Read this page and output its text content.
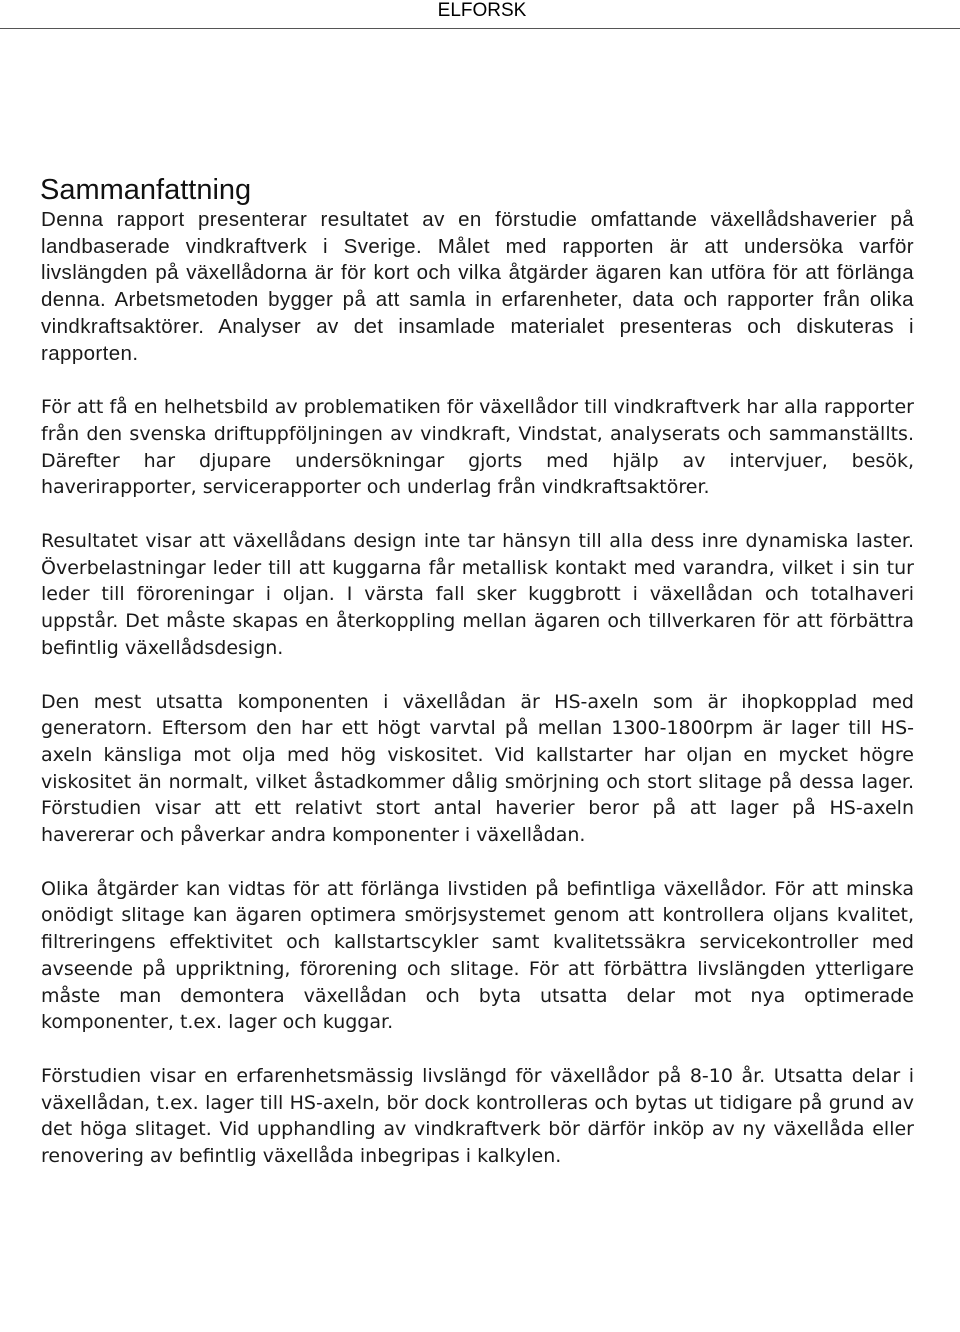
ELFORSK
Sammanfattning

Denna rapport presenterar resultatet av en förstudie omfattande växellådshaverier på landbaserade vindkraftverk i Sverige. Målet med rapporten är att undersöka varför livslängden på växellådorna är för kort och vilka åtgärder ägaren kan utföra för att förlänga denna. Arbetsmetoden bygger på att samla in erfarenheter, data och rapporter från olika vindkraftsaktörer. Analyser av det insamlade materialet presenteras och diskuteras i rapporten.

För att få en helhetsbild av problematiken för växellådor till vindkraftverk har alla rapporter från den svenska driftuppföljningen av vindkraft, Vindstat, analyserats och sammanställts. Därefter har djupare undersökningar gjorts med hjälp av intervjuer, besök, haverirapporter, servicerapporter och underlag från vindkraftsaktörer.

Resultatet visar att växellådans design inte tar hänsyn till alla dess inre dynamiska laster. Överbelastningar leder till att kuggarna får metallisk kontakt med varandra, vilket i sin tur leder till föroreningar i oljan. I värsta fall sker kuggbrott i växellådan och totalhaveri uppstår. Det måste skapas en återkoppling mellan ägaren och tillverkaren för att förbättra befintlig växellådsdesign.

Den mest utsatta komponenten i växellådan är HS-axeln som är ihopkopplad med generatorn. Eftersom den har ett högt varvtal på mellan 1300-1800rpm är lager till HS-axeln känsliga mot olja med hög viskositet. Vid kallstarter har oljan en mycket högre viskositet än normalt, vilket åstadkommer dålig smörjning och stort slitage på dessa lager. Förstudien visar att ett relativt stort antal haverier beror på att lager på HS-axeln havererar och påverkar andra komponenter i växellådan.

Olika åtgärder kan vidtas för att förlänga livstiden på befintliga växellådor. För att minska onödigt slitage kan ägaren optimera smörjsystemet genom att kontrollera oljans kvalitet, filtreringens effektivitet och kallstartscykler samt kvalitetssäkra servicekontroller med avseende på uppriktning, förorening och slitage. För att förbättra livslängden ytterligare måste man demontera växellådan och byta utsatta delar mot nya optimerade komponenter, t.ex. lager och kuggar.

Förstudien visar en erfarenhetsmässig livslängd för växellådor på 8-10 år. Utsatta delar i växellådan, t.ex. lager till HS-axeln, bör dock kontrolleras och bytas ut tidigare på grund av det höga slitaget. Vid upphandling av vindkraftverk bör därför inköp av ny växellåda eller renovering av befintlig växellåda inbegripas i kalkylen.
